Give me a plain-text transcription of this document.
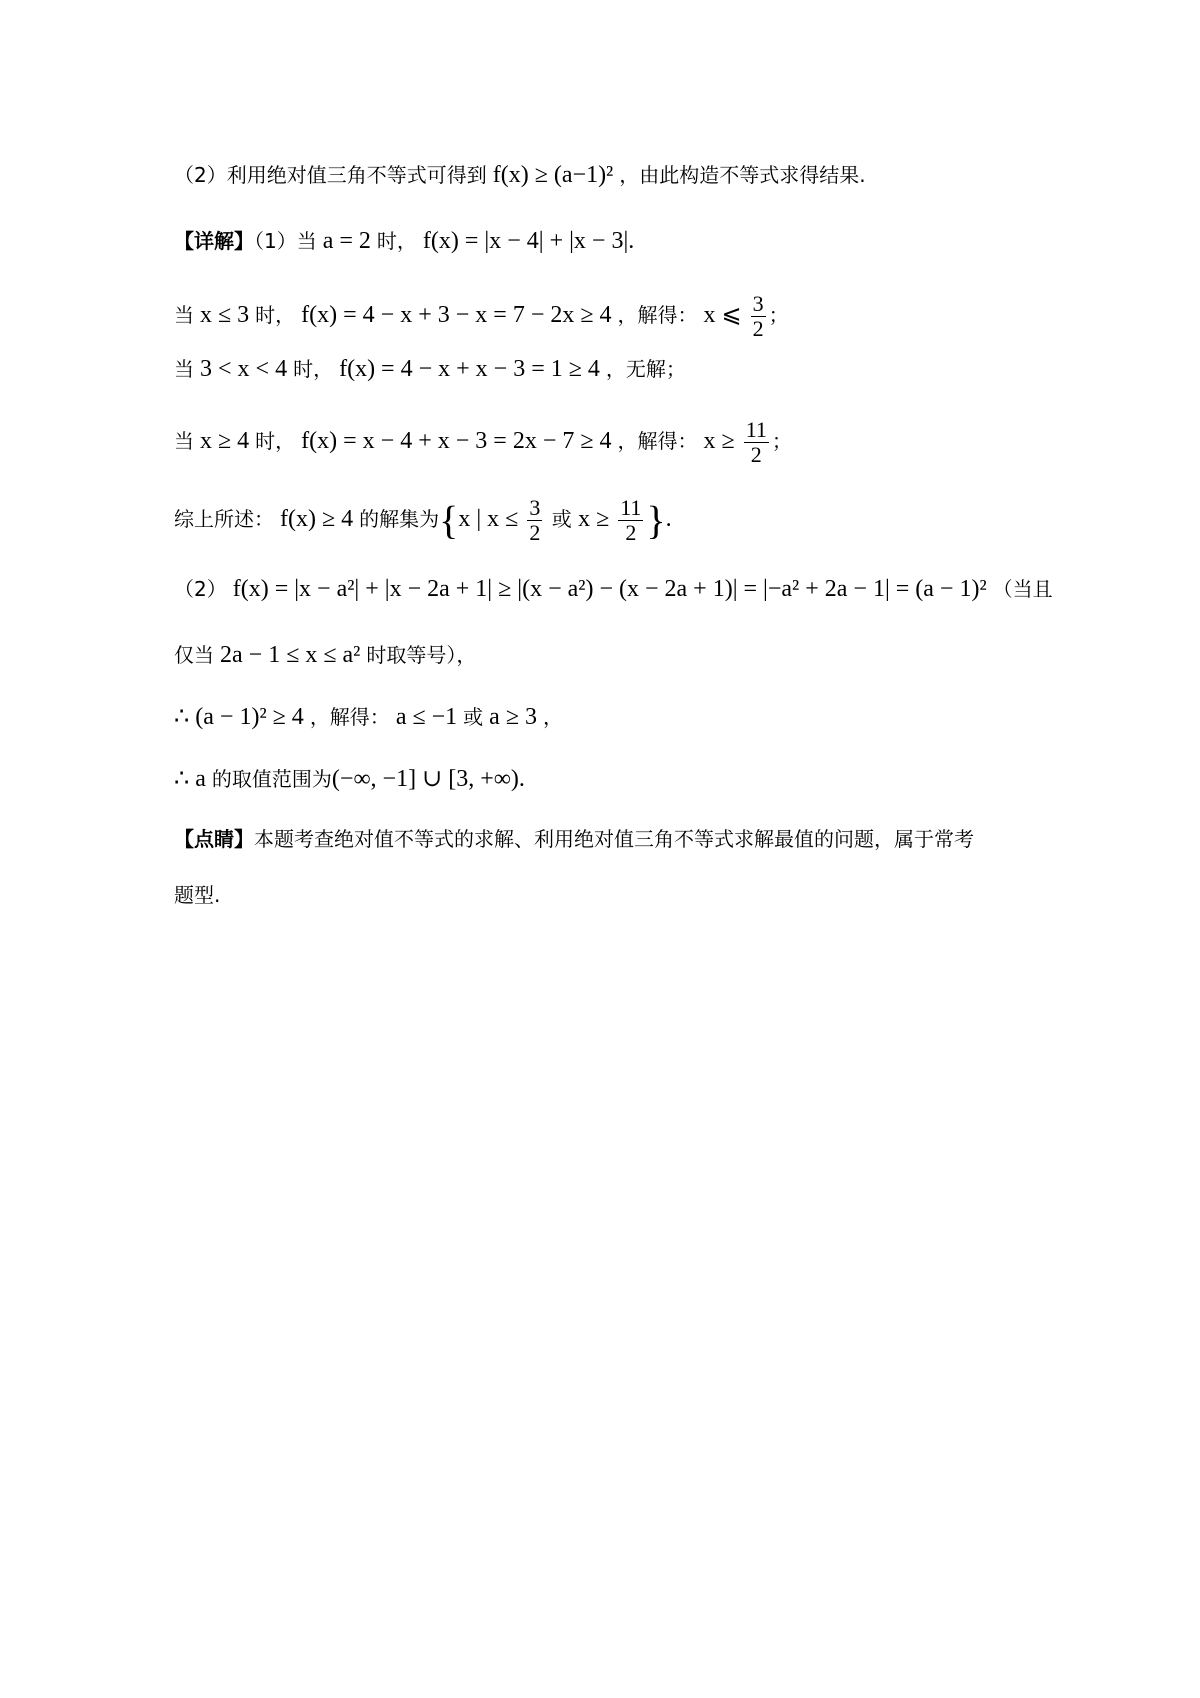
（2）利用绝对值三角不等式可得到 f(x) ≥ (a−1)² ，由此构造不等式求得结果.
【详解】（1）当 a = 2 时， f(x) = |x − 4| + |x − 3|.
当 x ≤ 3 时， f(x) = 4 − x + 3 − x = 7 − 2x ≥ 4 ，解得： x ⩽ $\frac{3}{2}$ ；
当 3 < x < 4 时， f(x) = 4 − x + x − 3 = 1 ≥ 4 ，无解；
当 x ≥ 4 时， f(x) = x − 4 + x − 3 = 2x − 7 ≥ 4 ，解得： $x \ge \frac{11}{2}$ ；
综上所述： f(x) ≥ 4 的解集为{x | $x \le \frac{3}{2}$ 或 $x \ge \frac{11}{2}$ }.
（2） f(x) = |x − a²| + |x − 2a + 1| ≥ |(x − a²) − (x − 2a + 1)| = |−a² + 2a − 1| = (a − 1)² （当且
仅当 2a − 1 ≤ x ≤ a² 时取等号），
∴ (a − 1)² ≥ 4 ，解得： a ≤ −1 或 a ≥ 3 ，
∴ a 的取值范围为(−∞, −1] ∪ [3, +∞).
【点睛】本题考查绝对值不等式的求解、利用绝对值三角不等式求解最值的问题，属于常考
题型.
